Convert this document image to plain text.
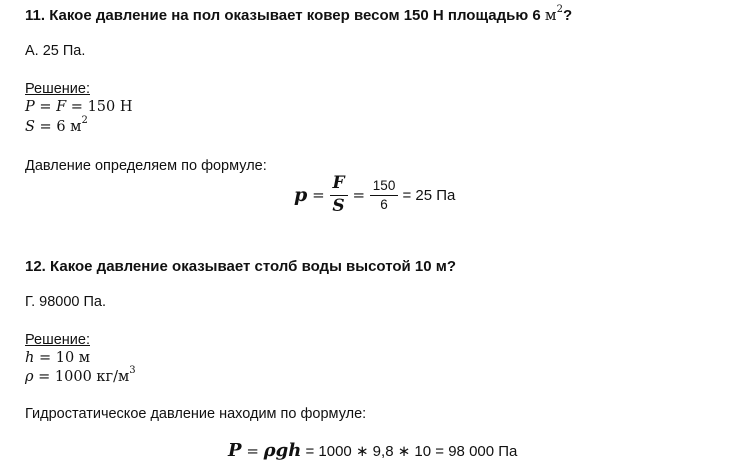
11. Какое давление на пол оказывает ковер весом 150 Н площадью 6 $м^2$?
А. 25 Па.
Решение:
P = F = 150 Н
S = 6 $м^2$
Давление определяем по формуле:
$p = \frac{F}{S} = \frac{150}{6} = 25$ Па
12. Какое давление оказывает столб воды высотой 10 м?
Г. 98000 Па.
Решение:
h = 10 м
ρ = 1000 $кг/м^3$
Гидростатическое давление находим по формуле:
P = ρgh = 1000 ∗ 9,8 ∗ 10 = 98 000 Па
